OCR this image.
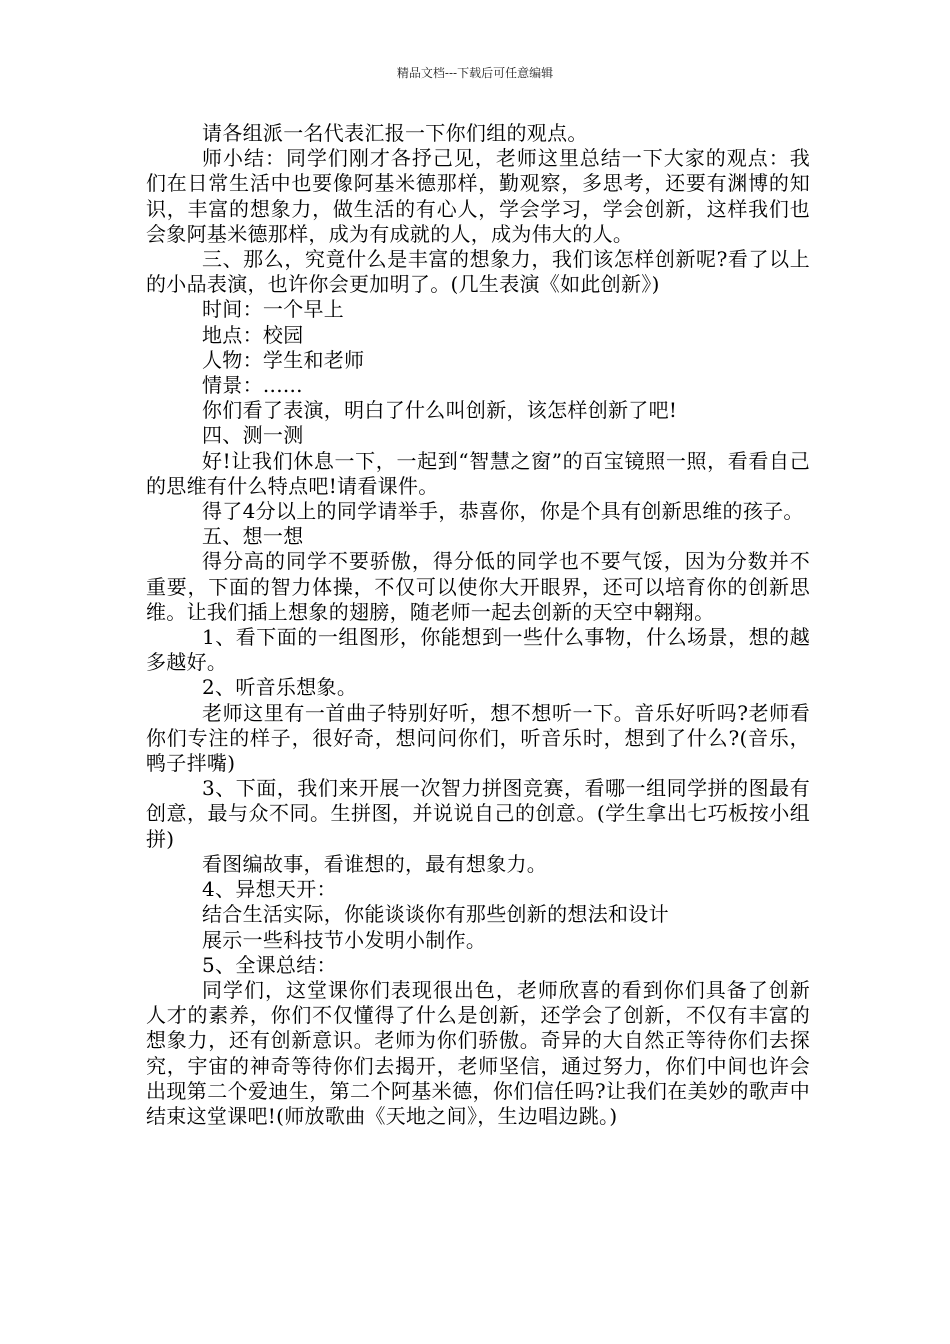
精品文档---下载后可任意编辑

请各组派一名代表汇报一下你们组的观点。

师小结：同学们刚才各抒己见，老师这里总结一下大家的观点：我们在日常生活中也要像阿基米德那样，勤观察，多思考，还要有渊博的知识，丰富的想象力，做生活的有心人，学会学习，学会创新，这样我们也会象阿基米德那样，成为有成就的人，成为伟大的人。

三、那么，究竟什么是丰富的想象力，我们该怎样创新呢?看了以上的小品表演，也许你会更加明了。(几生表演《如此创新》)

时间：一个早上

地点：校园

人物：学生和老师

情景：......

你们看了表演，明白了什么叫创新，该怎样创新了吧!

四、测一测

好!让我们休息一下，一起到“智慧之窗”的百宝镜照一照，看看自己的思维有什么特点吧!请看课件。

得了4分以上的同学请举手，恭喜你，你是个具有创新思维的孩子。

五、想一想

得分高的同学不要骄傲，得分低的同学也不要气馁，因为分数并不重要，下面的智力体操，不仅可以使你大开眼界，还可以培育你的创新思维。让我们插上想象的翅膀，随老师一起去创新的天空中翱翔。

1、看下面的一组图形，你能想到一些什么事物，什么场景，想的越多越好。

2、听音乐想象。

老师这里有一首曲子特别好听，想不想听一下。音乐好听吗?老师看你们专注的样子，很好奇，想问问你们，听音乐时，想到了什么?(音乐，鸭子拌嘴)

3、下面，我们来开展一次智力拼图竞赛，看哪一组同学拼的图最有创意，最与众不同。生拼图，并说说自己的创意。(学生拿出七巧板按小组拼)

看图编故事，看谁想的，最有想象力。

4、异想天开：

结合生活实际，你能谈谈你有那些创新的想法和设计

展示一些科技节小发明小制作。

5、全课总结：

同学们，这堂课你们表现很出色，老师欣喜的看到你们具备了创新人才的素养，你们不仅懂得了什么是创新，还学会了创新，不仅有丰富的想象力，还有创新意识。老师为你们骄傲。奇异的大自然正等待你们去探究，宇宙的神奇等待你们去揭开，老师坚信，通过努力，你们中间也许会出现第二个爱迪生，第二个阿基米德，你们信任吗?让我们在美妙的歌声中结束这堂课吧!(师放歌曲《天地之间》，生边唱边跳。)
